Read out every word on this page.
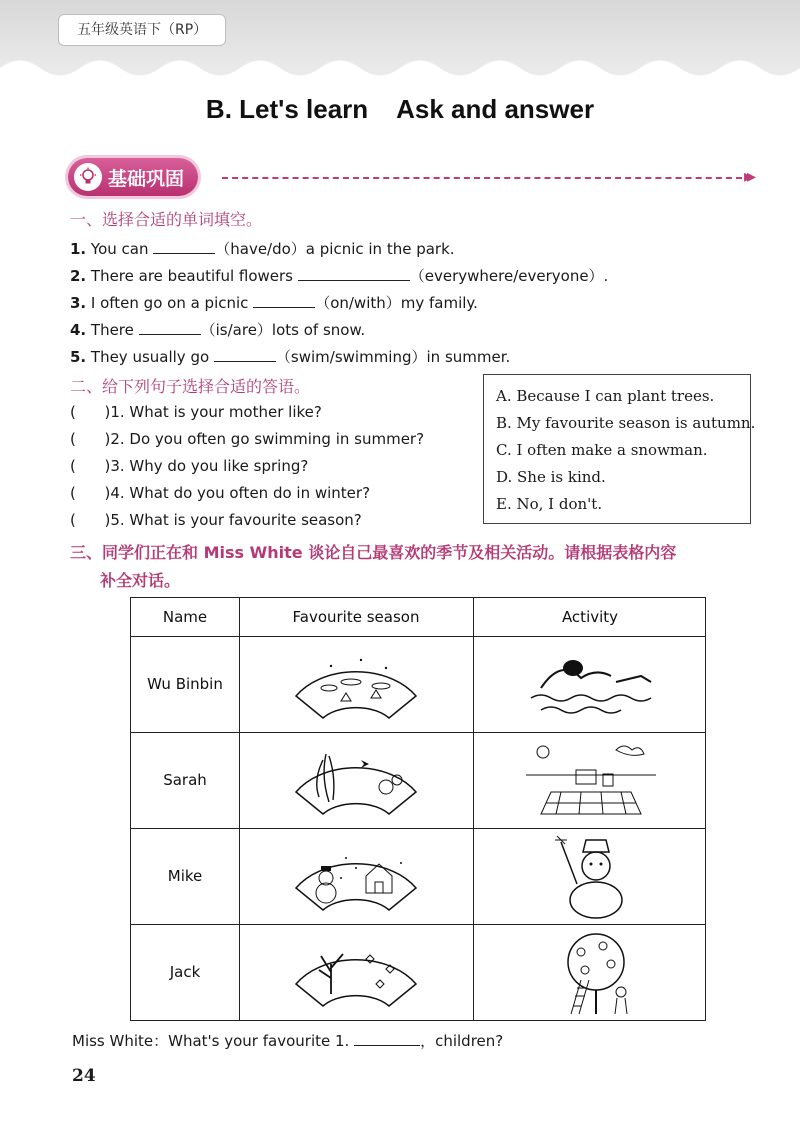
五年级英语下（RP）
B. Let's learn    Ask and answer
基础巩固	▸▸
一、选择合适的单词填空。
1. You can	（have/do）a picnic in the park.
2. There are beautiful flowers	（everywhere/everyone）.
3. I often go on a picnic	（on/with）my family.
4. There	（is/are）lots of snow.
5. They usually go	（swim/swimming）in summer.
二、给下列句子选择合适的答语。
(      )1. What is your mother like?
(      )2. Do you often go swimming in summer?
(      )3. Why do you like spring?
(      )4. What do you often do in winter?
(      )5. What is your favourite season?
A. Because I can plant trees.
B. My favourite season is autumn.
C. I often make a snowman.
D. She is kind.
E. No, I don't.
三、同学们正在和 Miss White 谈论自己最喜欢的季节及相关活动。请根据表格内容
补全对话。
Name	Favourite season	Activity
Wu Binbin
Sarah
Mike
Jack
Miss White：What's your favourite 1.	，children?
24
